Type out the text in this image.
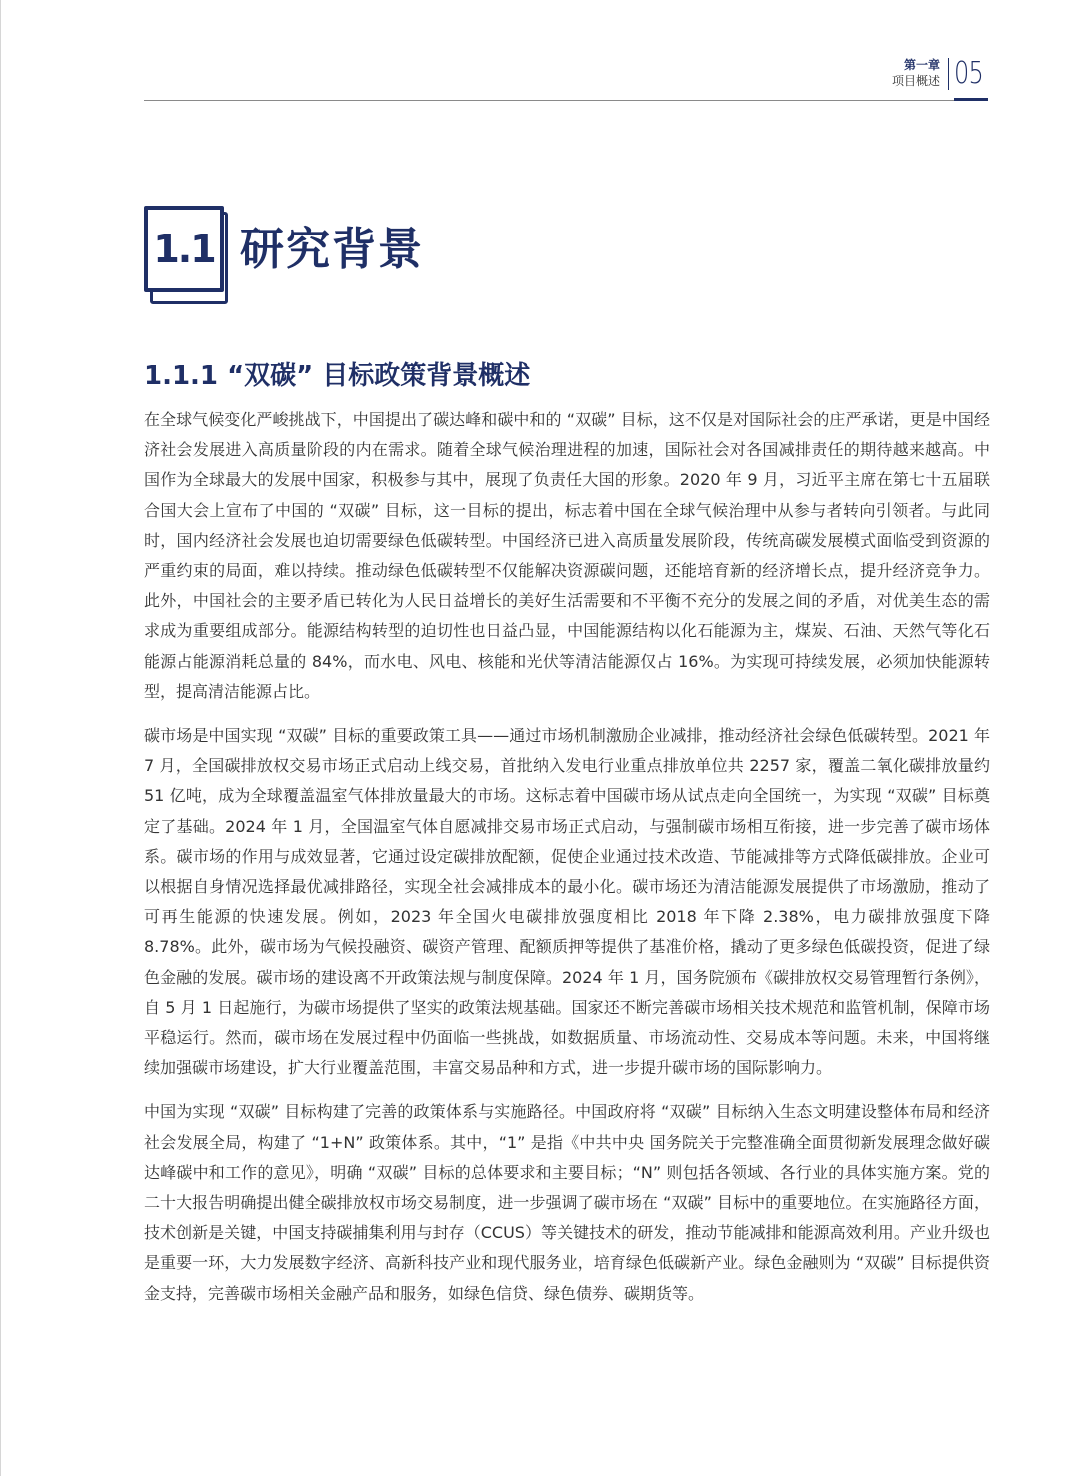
第一章
项目概述 05
1.1 研究背景
1.1.1 “双碳” 目标政策背景概述

在全球气候变化严峻挑战下，中国提出了碳达峰和碳中和的 “双碳” 目标，这不仅是对国际社会的庄严承诺，更是中国经济社会发展进入高质量阶段的内在需求。随着全球气候治理进程的加速，国际社会对各国减排责任的期待越来越高。中国作为全球最大的发展中国家，积极参与其中，展现了负责任大国的形象。2020 年 9 月，习近平主席在第七十五届联合国大会上宣布了中国的 “双碳” 目标，这一目标的提出，标志着中国在全球气候治理中从参与者转向引领者。与此同时，国内经济社会发展也迫切需要绿色低碳转型。中国经济已进入高质量发展阶段，传统高碳发展模式面临受到资源的严重约束的局面，难以持续。推动绿色低碳转型不仅能解决资源碳问题，还能培育新的经济增长点，提升经济竞争力。此外，中国社会的主要矛盾已转化为人民日益增长的美好生活需要和不平衡不充分的发展之间的矛盾，对优美生态的需求成为重要组成部分。能源结构转型的迫切性也日益凸显，中国能源结构以化石能源为主，煤炭、石油、天然气等化石能源占能源消耗总量的 84%，而水电、风电、核能和光伏等清洁能源仅占 16%。为实现可持续发展，必须加快能源转型，提高清洁能源占比。

碳市场是中国实现 “双碳” 目标的重要政策工具——通过市场机制激励企业减排，推动经济社会绿色低碳转型。2021 年 7 月，全国碳排放权交易市场正式启动上线交易，首批纳入发电行业重点排放单位共 2257 家，覆盖二氧化碳排放量约 51 亿吨，成为全球覆盖温室气体排放量最大的市场。这标志着中国碳市场从试点走向全国统一，为实现 “双碳” 目标奠定了基础。2024 年 1 月，全国温室气体自愿减排交易市场正式启动，与强制碳市场相互衔接，进一步完善了碳市场体系。碳市场的作用与成效显著，它通过设定碳排放配额，促使企业通过技术改造、节能减排等方式降低碳排放。企业可以根据自身情况选择最优减排路径，实现全社会减排成本的最小化。碳市场还为清洁能源发展提供了市场激励，推动了可再生能源的快速发展。例如，2023 年全国火电碳排放强度相比 2018 年下降 2.38%，电力碳排放强度下降 8.78%。此外，碳市场为气候投融资、碳资产管理、配额质押等提供了基准价格，撬动了更多绿色低碳投资，促进了绿色金融的发展。碳市场的建设离不开政策法规与制度保障。2024 年 1 月，国务院颁布《碳排放权交易管理暂行条例》，自 5 月 1 日起施行，为碳市场提供了坚实的政策法规基础。国家还不断完善碳市场相关技术规范和监管机制，保障市场平稳运行。然而，碳市场在发展过程中仍面临一些挑战，如数据质量、市场流动性、交易成本等问题。未来，中国将继续加强碳市场建设，扩大行业覆盖范围，丰富交易品种和方式，进一步提升碳市场的国际影响力。

中国为实现 “双碳” 目标构建了完善的政策体系与实施路径。中国政府将 “双碳” 目标纳入生态文明建设整体布局和经济社会发展全局，构建了 “1+N” 政策体系。其中，“1” 是指《中共中央 国务院关于完整准确全面贯彻新发展理念做好碳达峰碳中和工作的意见》，明确 “双碳” 目标的总体要求和主要目标；“N” 则包括各领域、各行业的具体实施方案。党的二十大报告明确提出健全碳排放权市场交易制度，进一步强调了碳市场在 “双碳” 目标中的重要地位。在实施路径方面，技术创新是关键，中国支持碳捕集利用与封存（CCUS）等关键技术的研发，推动节能减排和能源高效利用。产业升级也是重要一环，大力发展数字经济、高新科技产业和现代服务业，培育绿色低碳新产业。绿色金融则为 “双碳” 目标提供资金支持，完善碳市场相关金融产品和服务，如绿色信贷、绿色债券、碳期货等。
